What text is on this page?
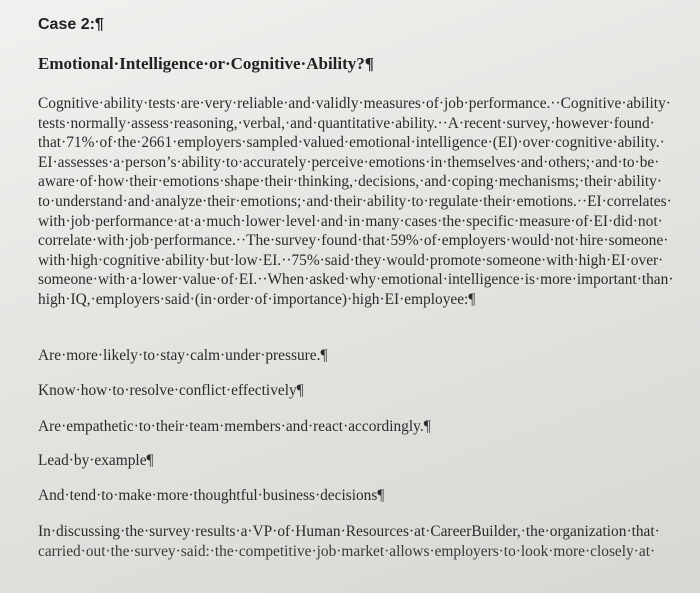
Case 2:¶
Emotional·Intelligence·or·Cognitive·Ability?¶
Cognitive·ability·tests·are·very·reliable·and·validly·measures·of·job·performance.··Cognitive·ability·
tests·normally·assess·reasoning,·verbal,·and·quantitative·ability.··A·recent·survey,·however·found·
that·71%·of·the·2661·employers·sampled·valued·emotional·intelligence·(EI)·over·cognitive·ability.·
EI·assesses·a·person’s·ability·to·accurately·perceive·emotions·in·themselves·and·others;·and·to·be·
aware·of·how·their·emotions·shape·their·thinking,·decisions,·and·coping·mechanisms;·their·ability·
to·understand·and·analyze·their·emotions;·and·their·ability·to·regulate·their·emotions.··EI·correlates·
with·job·performance·at·a·much·lower·level·and·in·many·cases·the·specific·measure·of·EI·did·not·
correlate·with·job·performance.··The·survey·found·that·59%·of·employers·would·not·hire·someone·
with·high·cognitive·ability·but·low·EI.··75%·said·they·would·promote·someone·with·high·EI·over·
someone·with·a·lower·value·of·EI.··When·asked·why·emotional·intelligence·is·more·important·than·
high·IQ,·employers·said·(in·order·of·importance)·high·EI·employee:¶
Are·more·likely·to·stay·calm·under·pressure.¶
Know·how·to·resolve·conflict·effectively¶
Are·empathetic·to·their·team·members·and·react·accordingly.¶
Lead·by·example¶
And·tend·to·make·more·thoughtful·business·decisions¶
In·discussing·the·survey·results·a·VP·of·Human·Resources·at·CareerBuilder,·the·organization·that·
carried·out·the·survey·said:·the·competitive·job·market·allows·employers·to·look·more·closely·at·
